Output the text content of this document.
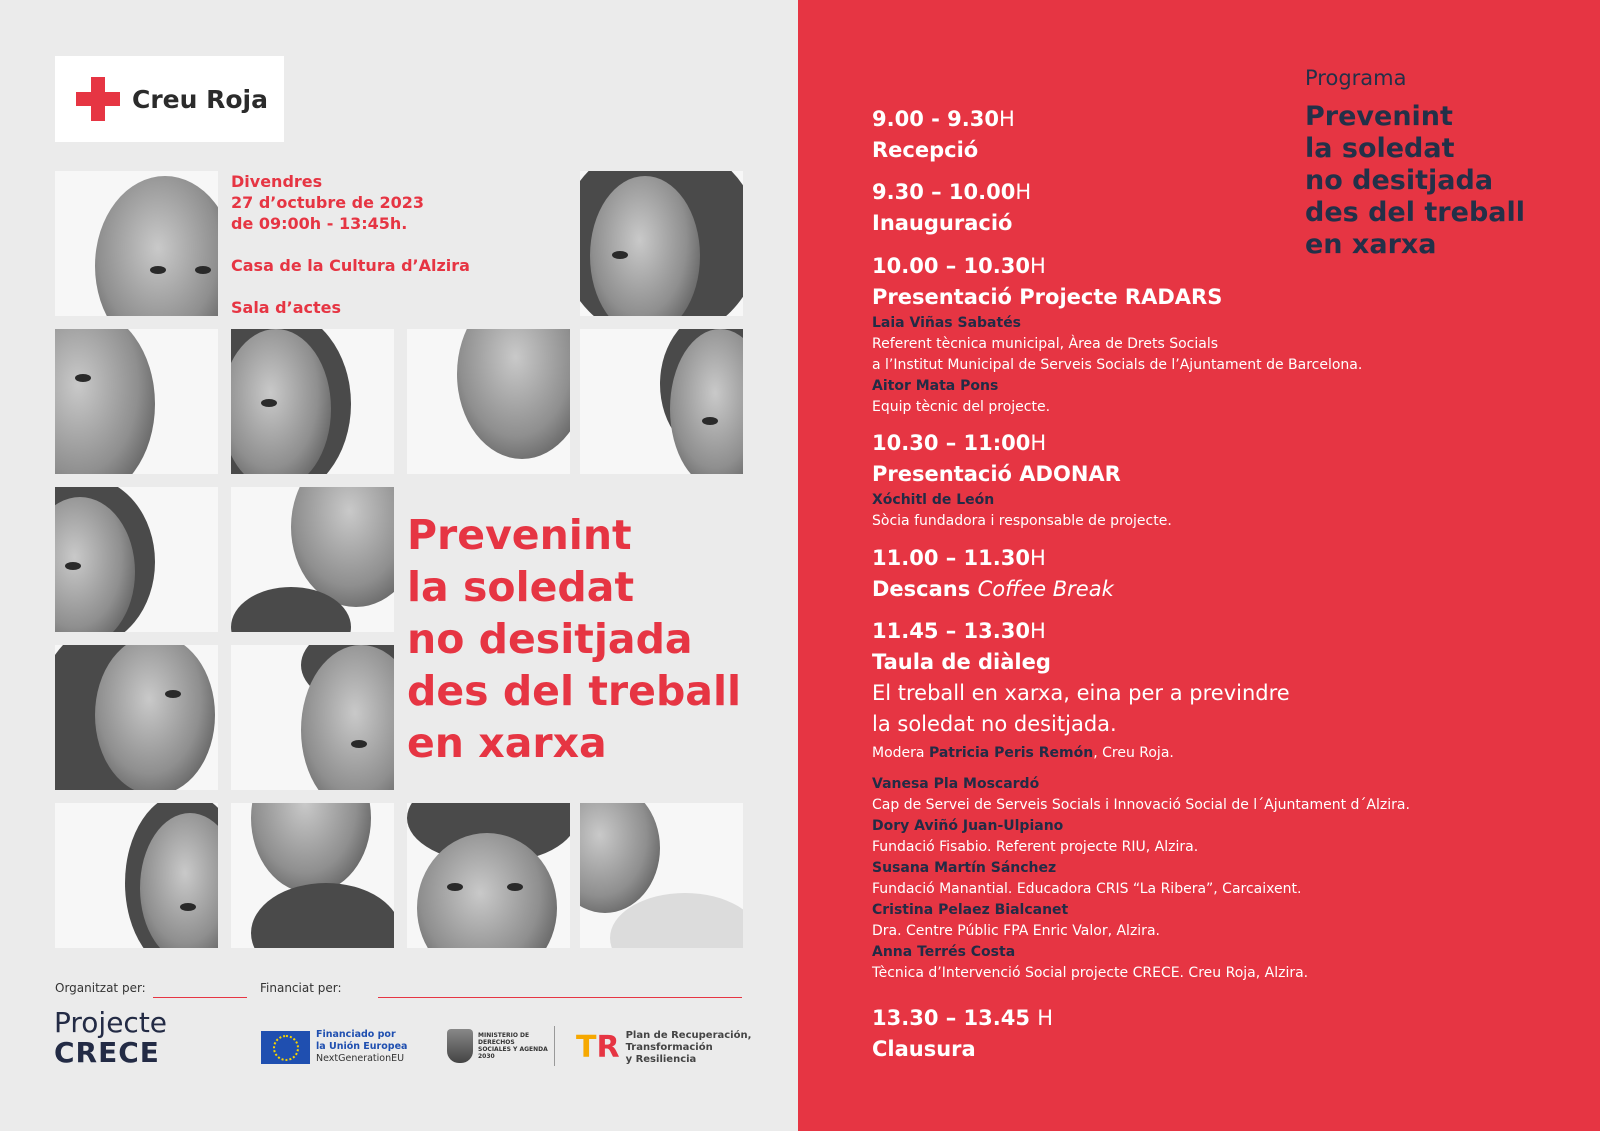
Creu Roja
Divendres
27 d’octubre de 2023
de 09:00h - 13:45h.
Casa de la Cultura d’Alzira
Sala d’actes
Prevenint
la soledat
no desitjada
des del treball
en xarxa
Organitzat per:	Financiat per:
Projecte
CRECE
Financiado por
la Unión Europea
NextGenerationEU
MINISTERIO DE DERECHOS SOCIALES Y AGENDA 2030	TR Plan de Recuperación,
Transformación
y Resiliencia
Programa
Prevenint
la soledat
no desitjada
des del treball
en xarxa
9.00 - 9.30H
Recepció
9.30 – 10.00H
Inauguració
10.00 – 10.30H
Presentació Projecte RADARS
Laia Viñas Sabatés
Referent tècnica municipal, Àrea de Drets Socials
a l’Institut Municipal de Serveis Socials de l’Ajuntament de Barcelona.
Aitor Mata Pons
Equip tècnic del projecte.
10.30 – 11:00H
Presentació ADONAR
Xóchitl de León
Sòcia fundadora i responsable de projecte.
11.00 – 11.30H
Descans Coffee Break
11.45 – 13.30H
Taula de diàleg
El treball en xarxa, eina per a previndre
la soledat no desitjada.
Modera Patricia Peris Remón, Creu Roja.
Vanesa Pla Moscardó
Cap de Servei de Serveis Socials i Innovació Social de l´Ajuntament d´Alzira.
Dory Aviñó Juan-Ulpiano
Fundació Fisabio. Referent projecte RIU, Alzira.
Susana Martín Sánchez
Fundació Manantial. Educadora CRIS “La Ribera”, Carcaixent.
Cristina Pelaez Bialcanet
Dra. Centre Públic FPA Enric Valor, Alzira.
Anna Terrés Costa
Tècnica d’Intervenció Social projecte CRECE. Creu Roja, Alzira.
13.30 – 13.45 H
Clausura
